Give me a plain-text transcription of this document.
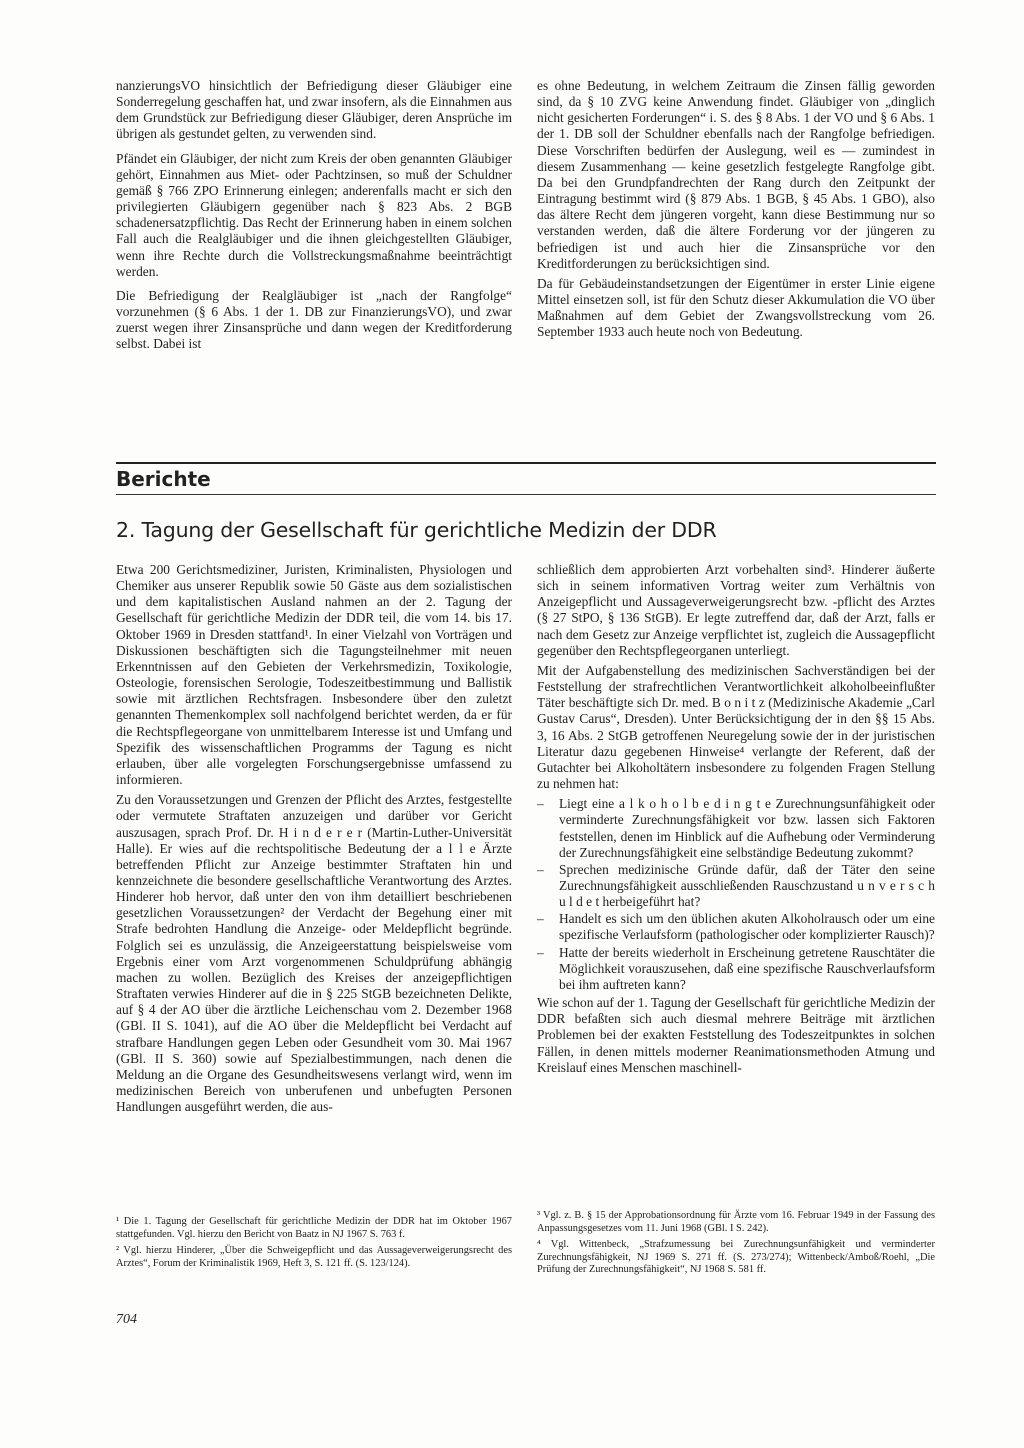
nanzierungsVO hinsichtlich der Befriedigung dieser Gläubiger eine Sonderregelung geschaffen hat, und zwar insofern, als die Einnahmen aus dem Grundstück zur Befriedigung dieser Gläubiger, deren Ansprüche im übrigen als gestundet gelten, zu verwenden sind.

Pfändet ein Gläubiger, der nicht zum Kreis der oben genannten Gläubiger gehört, Einnahmen aus Miet- oder Pachtzinsen, so muß der Schuldner gemäß § 766 ZPO Erinnerung einlegen; anderenfalls macht er sich den privilegierten Gläubigern gegenüber nach § 823 Abs. 2 BGB schadenersatzpflichtig. Das Recht der Erinnerung haben in einem solchen Fall auch die Realgläubiger und die ihnen gleichgestellten Gläubiger, wenn ihre Rechte durch die Vollstreckungsmaßnahme beeinträchtigt werden.

Die Befriedigung der Realgläubiger ist „nach der Rangfolge“ vorzunehmen (§ 6 Abs. 1 der 1. DB zur FinanzierungsVO), und zwar zuerst wegen ihrer Zinsansprüche und dann wegen der Kreditforderung selbst. Dabei ist

es ohne Bedeutung, in welchem Zeitraum die Zinsen fällig geworden sind, da § 10 ZVG keine Anwendung findet. Gläubiger von „dinglich nicht gesicherten Forderungen“ i. S. des § 8 Abs. 1 der VO und § 6 Abs. 1 der 1. DB soll der Schuldner ebenfalls nach der Rangfolge befriedigen. Diese Vorschriften bedürfen der Auslegung, weil es — zumindest in diesem Zusammenhang — keine gesetzlich festgelegte Rangfolge gibt. Da bei den Grundpfandrechten der Rang durch den Zeitpunkt der Eintragung bestimmt wird (§ 879 Abs. 1 BGB, § 45 Abs. 1 GBO), also das ältere Recht dem jüngeren vorgeht, kann diese Bestimmung nur so verstanden werden, daß die ältere Forderung vor der jüngeren zu befriedigen ist und auch hier die Zinsansprüche vor den Kreditforderungen zu berücksichtigen sind.

Da für Gebäudeinstandsetzungen der Eigentümer in erster Linie eigene Mittel einsetzen soll, ist für den Schutz dieser Akkumulation die VO über Maßnahmen auf dem Gebiet der Zwangsvollstreckung vom 26. September 1933 auch heute noch von Bedeutung.

Berichte
2. Tagung der Gesellschaft für gerichtliche Medizin der DDR

Etwa 200 Gerichtsmediziner, Juristen, Kriminalisten, Physiologen und Chemiker aus unserer Republik sowie 50 Gäste aus dem sozialistischen und dem kapitalistischen Ausland nahmen an der 2. Tagung der Gesellschaft für gerichtliche Medizin der DDR teil, die vom 14. bis 17. Oktober 1969 in Dresden stattfand¹. In einer Vielzahl von Vorträgen und Diskussionen beschäftigten sich die Tagungsteilnehmer mit neuen Erkenntnissen auf den Gebieten der Verkehrsmedizin, Toxikologie, Osteologie, forensischen Serologie, Todeszeitbestimmung und Ballistik sowie mit ärztlichen Rechtsfragen. Insbesondere über den zuletzt genannten Themenkomplex soll nachfolgend berichtet werden, da er für die Rechtspflegeorgane von unmittelbarem Interesse ist und Umfang und Spezifik des wissenschaftlichen Programms der Tagung es nicht erlauben, über alle vorgelegten Forschungsergebnisse umfassend zu informieren.

Zu den Voraussetzungen und Grenzen der Pflicht des Arztes, festgestellte oder vermutete Straftaten anzuzeigen und darüber vor Gericht auszusagen, sprach Prof. Dr. H i n d e r e r (Martin-Luther-Universität Halle). Er wies auf die rechtspolitische Bedeutung der a l l e Ärzte betreffenden Pflicht zur Anzeige bestimmter Straftaten hin und kennzeichnete die besondere gesellschaftliche Verantwortung des Arztes. Hinderer hob hervor, daß unter den von ihm detailliert beschriebenen gesetzlichen Voraussetzungen² der Verdacht der Begehung einer mit Strafe bedrohten Handlung die Anzeige- oder Meldepflicht begründe. Folglich sei es unzulässig, die Anzeigeerstattung beispielsweise vom Ergebnis einer vom Arzt vorgenommenen Schuldprüfung abhängig machen zu wollen. Bezüglich des Kreises der anzeigepflichtigen Straftaten verwies Hinderer auf die in § 225 StGB bezeichneten Delikte, auf § 4 der AO über die ärztliche Leichenschau vom 2. Dezember 1968 (GBl. II S. 1041), auf die AO über die Meldepflicht bei Verdacht auf strafbare Handlungen gegen Leben oder Gesundheit vom 30. Mai 1967 (GBl. II S. 360) sowie auf Spezialbestimmungen, nach denen die Meldung an die Organe des Gesundheitswesens verlangt wird, wenn im medizinischen Bereich von unberufenen und unbefugten Personen Handlungen ausgeführt werden, die aus-

schließlich dem approbierten Arzt vorbehalten sind³. Hinderer äußerte sich in seinem informativen Vortrag weiter zum Verhältnis von Anzeigepflicht und Aussageverweigerungsrecht bzw. -pflicht des Arztes (§ 27 StPO, § 136 StGB). Er legte zutreffend dar, daß der Arzt, falls er nach dem Gesetz zur Anzeige verpflichtet ist, zugleich die Aussagepflicht gegenüber den Rechtspflegeorganen unterliegt.

Mit der Aufgabenstellung des medizinischen Sachverständigen bei der Feststellung der strafrechtlichen Verantwortlichkeit alkoholbeeinflußter Täter beschäftigte sich Dr. med. B o n i t z (Medizinische Akademie „Carl Gustav Carus“, Dresden). Unter Berücksichtigung der in den §§ 15 Abs. 3, 16 Abs. 2 StGB getroffenen Neuregelung sowie der in der juristischen Literatur dazu gegebenen Hinweise⁴ verlangte der Referent, daß der Gutachter bei Alkoholtätern insbesondere zu folgenden Fragen Stellung zu nehmen hat:

– Liegt eine a l k o h o l b e d i n g t e Zurechnungsunfähigkeit oder verminderte Zurechnungsfähigkeit vor bzw. lassen sich Faktoren feststellen, denen im Hinblick auf die Aufhebung oder Verminderung der Zurechnungsfähigkeit eine selbständige Bedeutung zukommt?
– Sprechen medizinische Gründe dafür, daß der Täter den seine Zurechnungsfähigkeit ausschließenden Rauschzustand u n v e r s c h u l d e t herbeigeführt hat?
– Handelt es sich um den üblichen akuten Alkoholrausch oder um eine spezifische Verlaufsform (pathologischer oder komplizierter Rausch)?
– Hatte der bereits wiederholt in Erscheinung getretene Rauschtäter die Möglichkeit vorauszusehen, daß eine spezifische Rauschverlaufsform bei ihm auftreten kann?

Wie schon auf der 1. Tagung der Gesellschaft für gerichtliche Medizin der DDR befaßten sich auch diesmal mehrere Beiträge mit ärztlichen Problemen bei der exakten Feststellung des Todeszeitpunktes in solchen Fällen, in denen mittels moderner Reanimationsmethoden Atmung und Kreislauf eines Menschen maschinell-

¹ Die 1. Tagung der Gesellschaft für gerichtliche Medizin der DDR hat im Oktober 1967 stattgefunden. Vgl. hierzu den Bericht von Baatz in NJ 1967 S. 763 f.

² Vgl. hierzu Hinderer, „Über die Schweigepflicht und das Aussageverweigerungsrecht des Arztes“, Forum der Kriminalistik 1969, Heft 3, S. 121 ff. (S. 123/124).

³ Vgl. z. B. § 15 der Approbationsordnung für Ärzte vom 16. Februar 1949 in der Fassung des Anpassungsgesetzes vom 11. Juni 1968 (GBl. I S. 242).

⁴ Vgl. Wittenbeck, „Strafzumessung bei Zurechnungsunfähigkeit und verminderter Zurechnungsfähigkeit, NJ 1969 S. 271 ff. (S. 273/274); Wittenbeck/Amboß/Roehl, „Die Prüfung der Zurechnungsfähigkeit“, NJ 1968 S. 581 ff.

704
